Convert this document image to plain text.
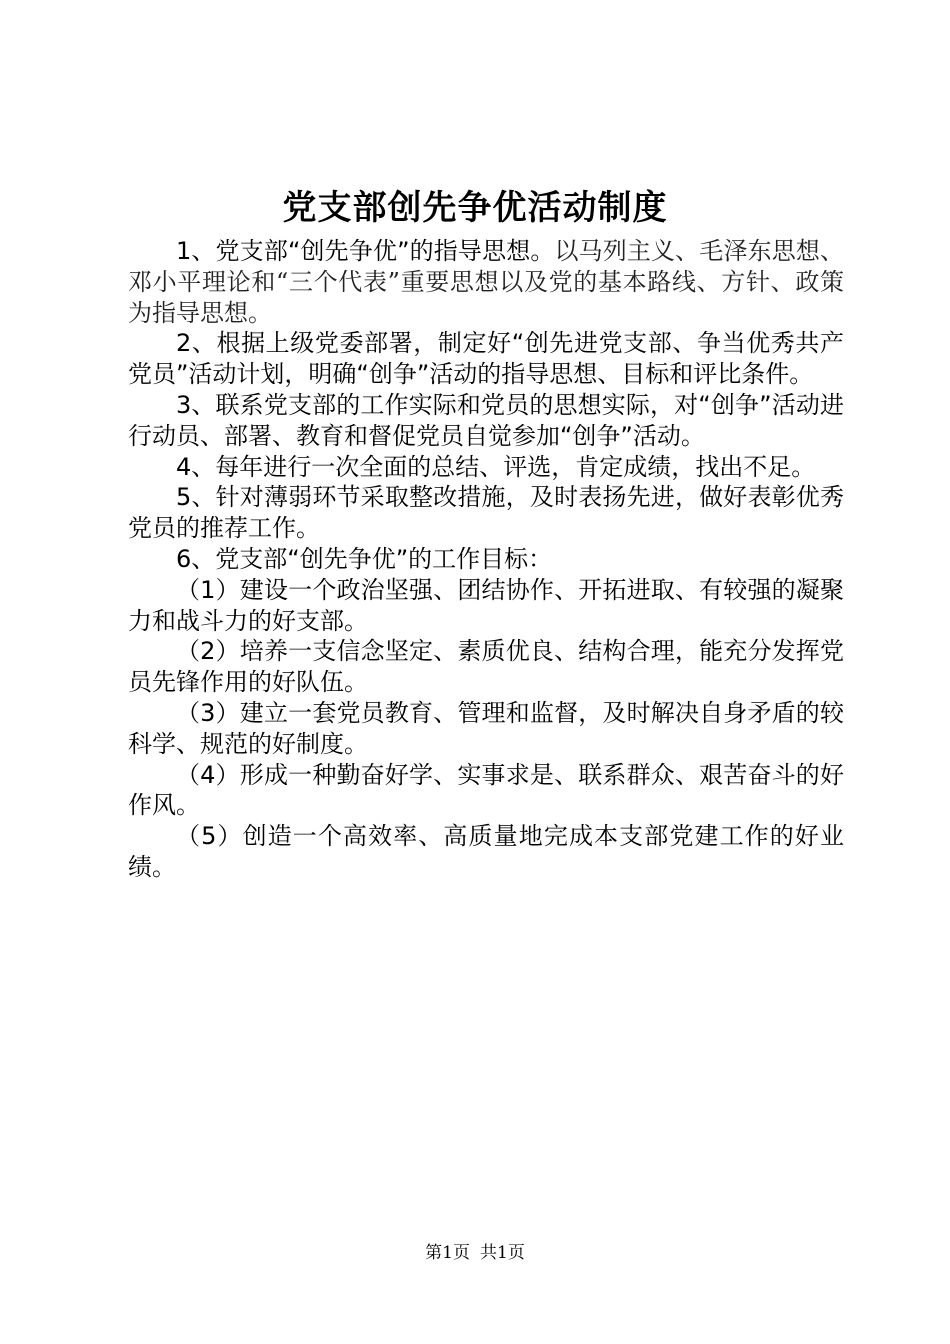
党支部创先争优活动制度

1、党支部“创先争优”的指导思想。以马列主义、毛泽东思想、邓小平理论和“三个代表”重要思想以及党的基本路线、方针、政策为指导思想。

2、根据上级党委部署，制定好“创先进党支部、争当优秀共产党员”活动计划，明确“创争”活动的指导思想、目标和评比条件。

3、联系党支部的工作实际和党员的思想实际，对“创争”活动进行动员、部署、教育和督促党员自觉参加“创争”活动。

4、每年进行一次全面的总结、评选，肯定成绩，找出不足。

5、针对薄弱环节采取整改措施，及时表扬先进，做好表彰优秀党员的推荐工作。

6、党支部“创先争优”的工作目标：

（1）建设一个政治坚强、团结协作、开拓进取、有较强的凝聚力和战斗力的好支部。

（2）培养一支信念坚定、素质优良、结构合理，能充分发挥党员先锋作用的好队伍。

（3）建立一套党员教育、管理和监督，及时解决自身矛盾的较科学、规范的好制度。

（4）形成一种勤奋好学、实事求是、联系群众、艰苦奋斗的好作风。

（5）创造一个高效率、高质量地完成本支部党建工作的好业绩。

第1页 共1页
